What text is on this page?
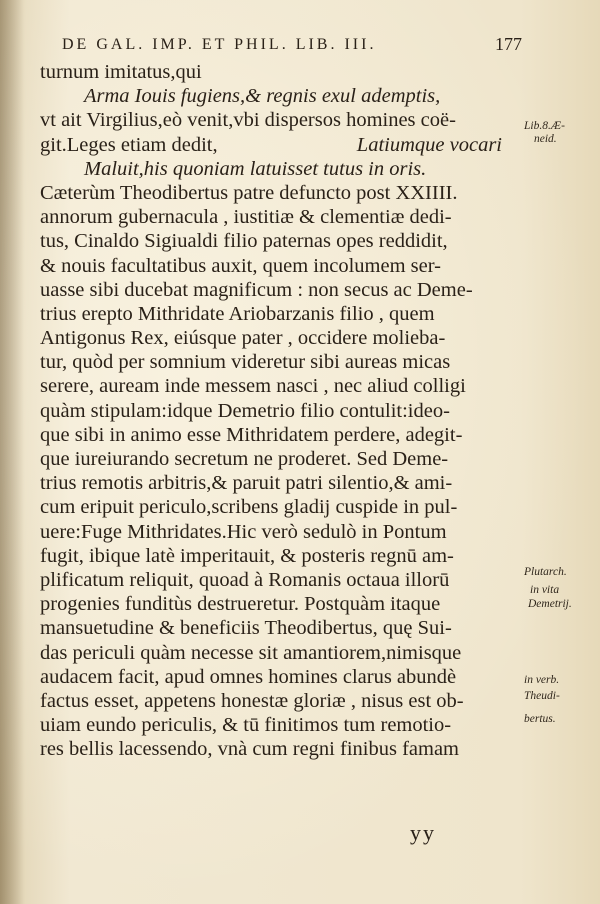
DE GAL. IMP. ET PHIL. LIB. III.	177
turnum imitatus,qui
Arma Iouis fugiens,& regnis exul ademptis,
vt ait Virgilius,eò venit,vbi dispersos homines coë-
git.Leges etiam dedit,	Latiumque vocari
Maluit,his quoniam latuisset tutus in oris.
Cæterùm Theodibertus patre defuncto post XXIIII.
annorum gubernacula , iustitiæ & clementiæ dedi-
tus, Cinaldo Sigiualdi filio paternas opes reddidit,
& nouis facultatibus auxit, quem incolumem ser-
uasse sibi ducebat magnificum : non secus ac Deme-
trius erepto Mithridate Ariobarzanis filio , quem
Antigonus Rex, eiúsque pater , occidere molieba-
tur, quòd per somnium videretur sibi aureas micas
serere, auream inde messem nasci , nec aliud colligi
quàm stipulam:idque Demetrio filio contulit:ideo-
que sibi in animo esse Mithridatem perdere, adegit-
que iureiurando secretum ne proderet. Sed Deme-
trius remotis arbitris,& paruit patri silentio,& ami-
cum eripuit periculo,scribens gladij cuspide in pul-
uere:Fuge Mithridates.Hic verò sedulò in Pontum
fugit, ibique latè imperitauit, & posteris regnū am-
plificatum reliquit, quoad à Romanis octaua illorū
progenies funditùs destrueretur. Postquàm itaque
mansuetudine & beneficiis Theodibertus, quę Sui-
das periculi quàm necesse sit amantiorem,nimisque
audacem facit, apud omnes homines clarus abundè
factus esset, appetens honestæ gloriæ , nisus est ob-
uiam eundo periculis, & tū finitimos tum remotio-
res bellis lacessendo, vnà cum regni finibus famam
Lib.8.Æ-
neid.
Plutarch.
in vita
Demetrij.
in verb.
Theudi-
bertus.
yy
